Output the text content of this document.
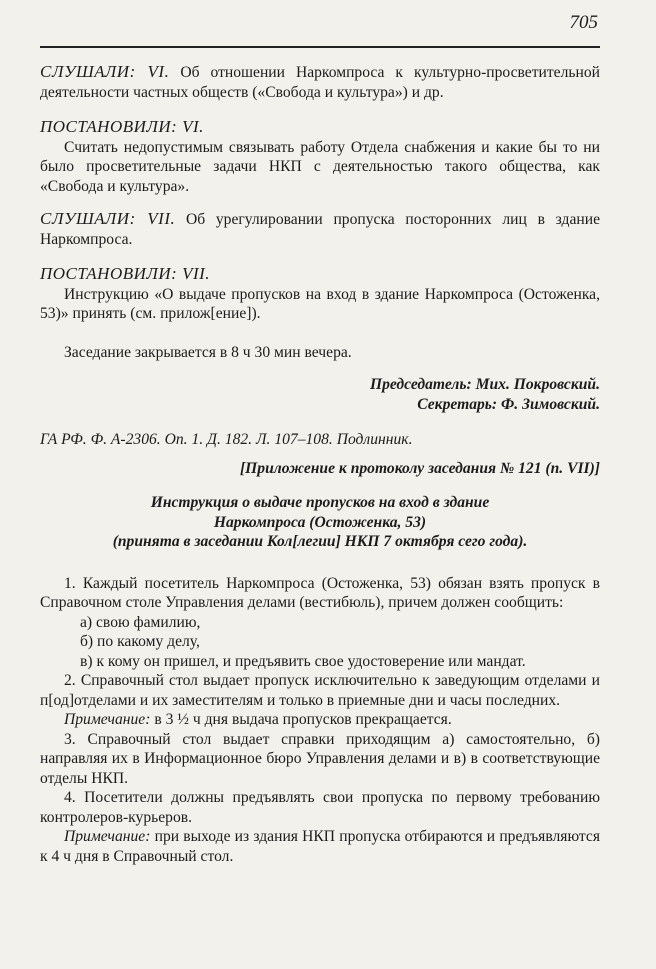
705

СЛУШАЛИ: VI. Об отношении Наркомпроса к культурно-просветительной деятельности частных обществ («Свобода и культура») и др.

ПОСТАНОВИЛИ: VI.

Считать недопустимым связывать работу Отдела снабжения и какие бы то ни было просветительные задачи НКП с деятельностью такого общества, как «Свобода и культура».

СЛУШАЛИ: VII. Об урегулировании пропуска посторонних лиц в здание Наркомпроса.

ПОСТАНОВИЛИ: VII.

Инструкцию «О выдаче пропусков на вход в здание Наркомпроса (Остоженка, 53)» принять (см. прилож[ение]).

Заседание закрывается в 8 ч 30 мин вечера.

Председатель: Мих. Покровский.

Секретарь: Ф. Зимовский.

ГА РФ. Ф. А-2306. Оп. 1. Д. 182. Л. 107–108. Подлинник.

[Приложение к протоколу заседания № 121 (п. VII)]

Инструкция о выдаче пропусков на вход в здание

Наркомпроса (Остоженка, 53)

(принята в заседании Кол[легии] НКП 7 октября сего года).

1. Каждый посетитель Наркомпроса (Остоженка, 53) обязан взять пропуск в Справочном столе Управления делами (вестибюль), причем должен сообщить:

а) свою фамилию,

б) по какому делу,

в) к кому он пришел, и предъявить свое удостоверение или мандат.

2. Справочный стол выдает пропуск исключительно к заведующим отделами и п[од]отделами и их заместителям и только в приемные дни и часы последних.

Примечание: в 3 ½ ч дня выдача пропусков прекращается.

3. Справочный стол выдает справки приходящим а) самостоятельно, б) направляя их в Информационное бюро Управления делами и в) в соответствующие отделы НКП.

4. Посетители должны предъявлять свои пропуска по первому требованию контролеров-курьеров.

Примечание: при выходе из здания НКП пропуска отбираются и предъявляются к 4 ч дня в Справочный стол.
